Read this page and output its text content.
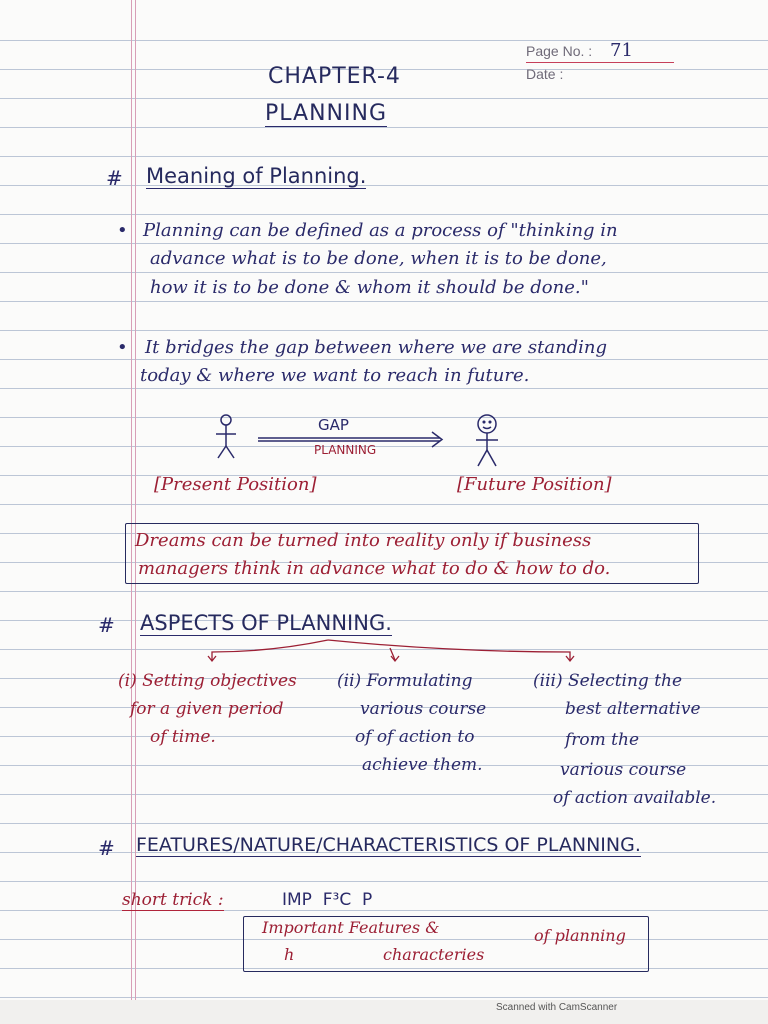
Page No. : 71
Date :
CHAPTER-4
PLANNING
# Meaning of Planning.
• Planning can be defined as a process of "thinking in
advance what is to be done, when it is to be done,
how it is to be done & whom it should be done."
• It bridges the gap between where we are standing
today & where we want to reach in future.
GAP
PLANNING
[Present Position]	[Future Position]
Dreams can be turned into reality only if business
managers think in advance what to do & how to do.
# ASPECTS OF PLANNING.
(i) Setting objectives
for a given period
of time.
(ii) Formulating
various course
of of action to
achieve them.
(iii) Selecting the
best alternative
from the
various course
of action available.
# FEATURES/NATURE/CHARACTERISTICS OF PLANNING.
short trick :	IMP  F³C  P
Important Features &	of planning
h	characteries
Scanned with CamScanner
